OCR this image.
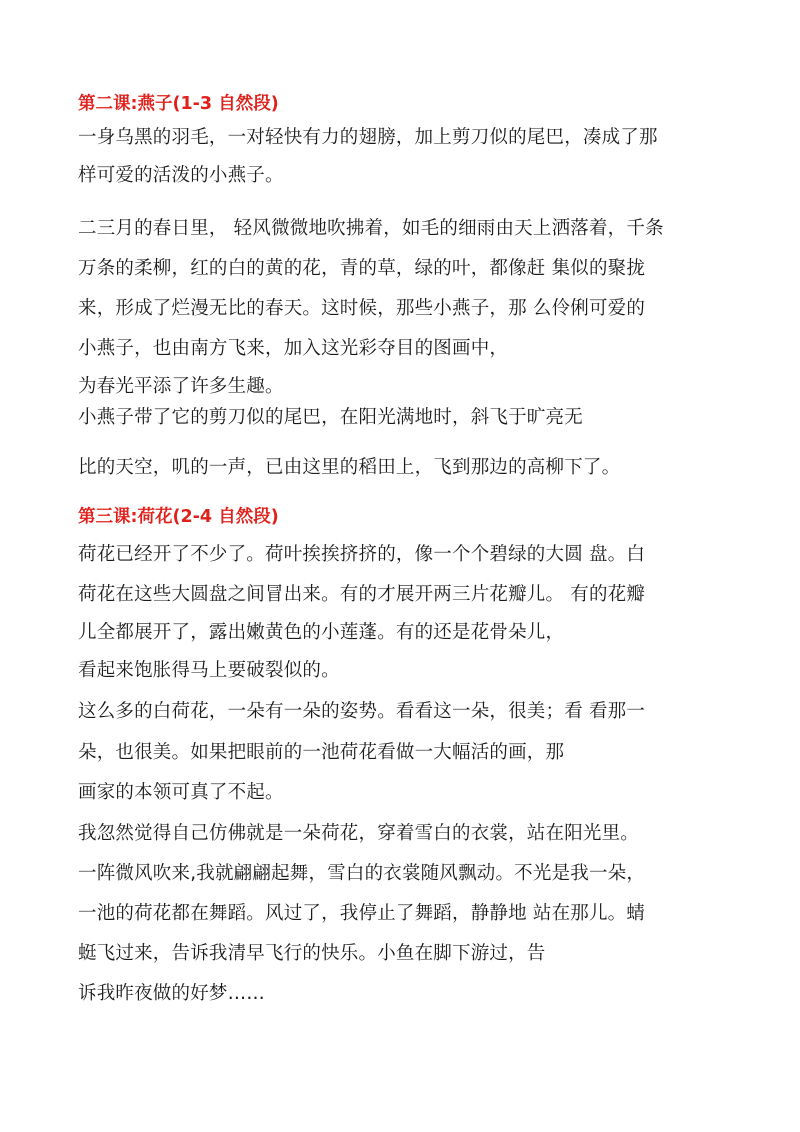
第二课:燕子(1-3 自然段)
一身乌黑的羽毛，一对轻快有力的翅膀，加上剪刀似的尾巴，凑成了那
样可爱的活泼的小燕子。
二三月的春日里， 轻风微微地吹拂着，如毛的细雨由天上洒落着，千条
万条的柔柳，红的白的黄的花，青的草，绿的叶，都像赶 集似的聚拢
来，形成了烂漫无比的春天。这时候，那些小燕子，那 么伶俐可爱的
小燕子，也由南方飞来，加入这光彩夺目的图画中，
为春光平添了许多生趣。
小燕子带了它的剪刀似的尾巴，在阳光满地时，斜飞于旷亮无
比的天空，叽的一声，已由这里的稻田上，飞到那边的高柳下了。
第三课:荷花(2-4 自然段)
荷花已经开了不少了。荷叶挨挨挤挤的，像一个个碧绿的大圆 盘。白
荷花在这些大圆盘之间冒出来。有的才展开两三片花瓣儿。 有的花瓣
儿全都展开了，露出嫩黄色的小莲蓬。有的还是花骨朵儿，
看起来饱胀得马上要破裂似的。
这么多的白荷花，一朵有一朵的姿势。看看这一朵，很美；看 看那一
朵，也很美。如果把眼前的一池荷花看做一大幅活的画，那
画家的本领可真了不起。
我忽然觉得自己仿佛就是一朵荷花，穿着雪白的衣裳，站在阳光里。
一阵微风吹来,我就翩翩起舞，雪白的衣裳随风飘动。不光是我一朵，
一池的荷花都在舞蹈。风过了，我停止了舞蹈，静静地 站在那儿。蜻
蜓飞过来，告诉我清早飞行的快乐。小鱼在脚下游过，告
诉我昨夜做的好梦……
